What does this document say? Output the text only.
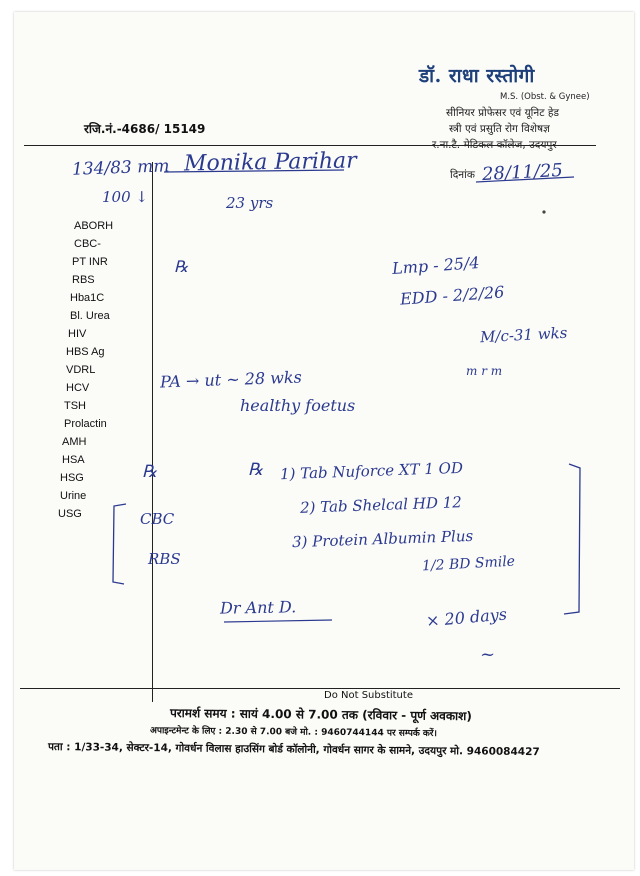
डॉ. राधा रस्तोगी
M.S. (Obst. & Gynee)
सीनियर प्रोफेसर एवं यूनिट हेड
स्त्री एवं प्रसुति रोग विशेषज्ञ
र.ना.टै. मेडिकल कॉलेज, उदयपुर
रजि.नं.-4686/ 15149
दिनांक
ABORH
CBC-
PT INR
RBS
Hba1C
Bl. Urea
HIV
HBS Ag
VDRL
HCV
TSH
Prolactin
AMH
HSA
HSG
Urine
USG
134/83 mm
100 ↓
Monika Parihar
23 yrs
28/11/25
℞	Lmp - 25/4
EDD - 2/2/26
M/c-31 wks
m r m
PA → ut ~ 28 wks
healthy foetus
℞	℞ 1) Tab Nuforce XT 1 OD
2) Tab Shelcal HD 12
3) Protein Albumin Plus
1/2 BD Smile
× 20 days
CBC
RBS
Dr Ant D.
~
Do Not Substitute
परामर्श समय : सायं 4.00 से 7.00 तक (रविवार - पूर्ण अवकाश)
अपाइन्टमेन्ट के लिए : 2.30 से 7.00 बजे मो. : 9460744144 पर सम्पर्क करें।
पता : 1/33-34, सेक्टर-14, गोवर्धन विलास हाउसिंग बोर्ड कॉलोनी, गोवर्धन सागर के सामने, उदयपुर मो. 9460084427
